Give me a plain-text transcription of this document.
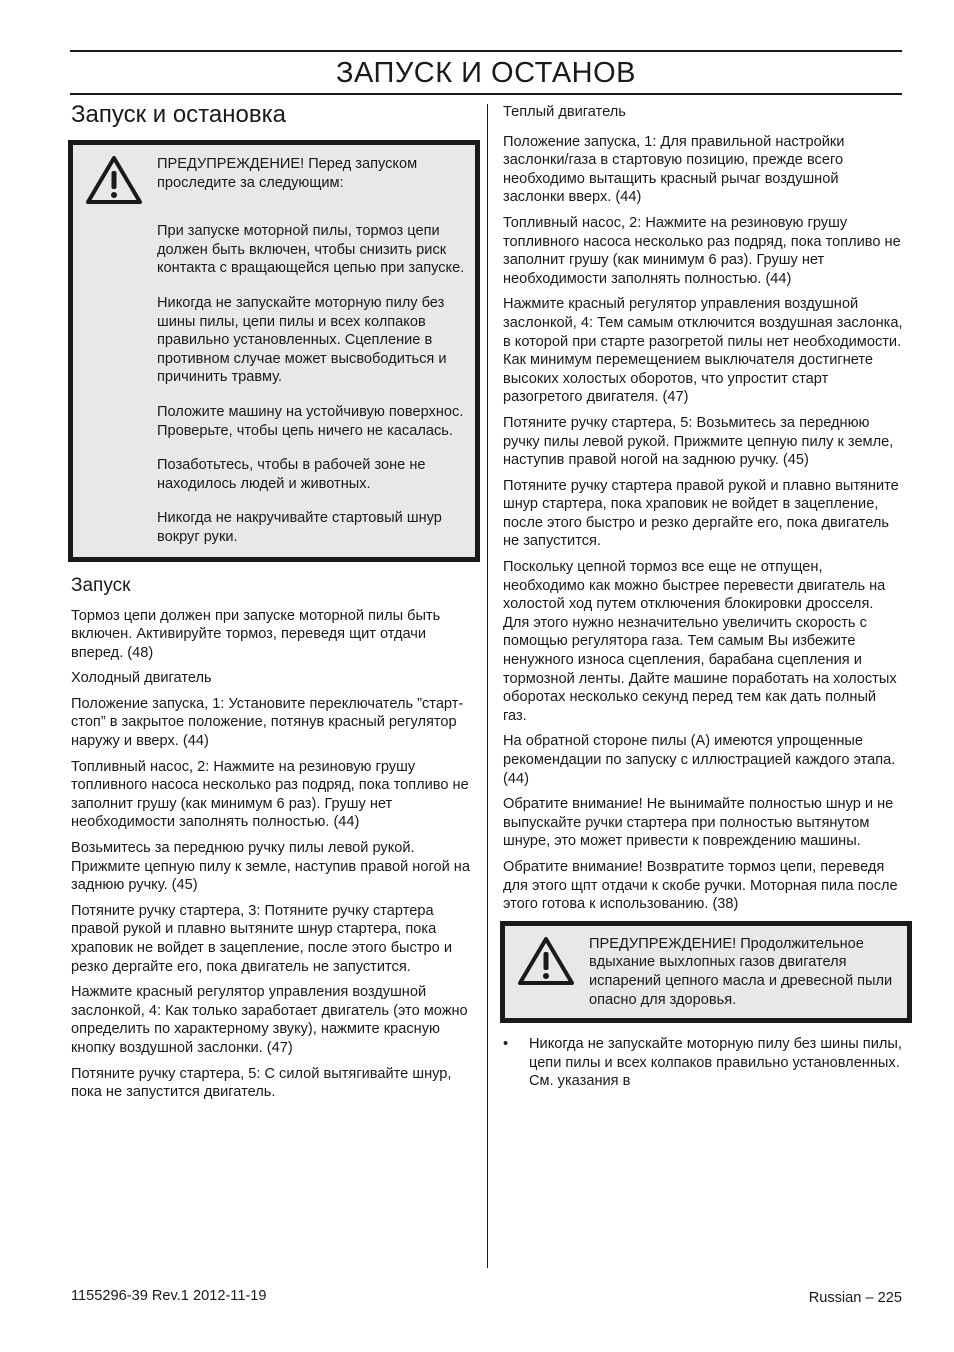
ЗАПУСК И ОСТАНОВ
Запуск и остановка

ПРЕДУПРЕЖДЕНИЕ! Перед запуском проследите за следующим:

При запуске моторной пилы, тормоз цепи должен быть включен, чтобы снизить риск контакта с вращающейся цепью при запуске.

Никогда не запускайте моторную пилу без шины пилы, цепи пилы и всех колпаков правильно установленных. Сцепление в противном случае может высвободиться и причинить травму.

Положите машину на устойчивую поверхнос. Проверьте, чтобы цепь ничего не касалась.

Позаботьтесь, чтобы в рабочей зоне не находилось людей и животных.

Никогда не накручивайте стартовый шнур вокруг руки.

Запуск

Тормоз цепи должен при запуске моторной пилы быть включен. Активируйте тормоз, переведя щит отдачи вперед. (48)

Холодный двигатель

Положение запуска, 1: Установите переключатель ”старт-стоп” в закрытое положение, потянув красный регулятор наружу и вверх. (44)

Топливный насос, 2: Нажмите на резиновую грушу топливного насоса несколько раз подряд, пока топливо не заполнит грушу (как минимум 6 раз). Грушу нет необходимости заполнять полностью. (44)

Возьмитесь за переднюю ручку пилы левой рукой. Прижмите цепную пилу к земле, наступив правой ногой на заднюю ручку. (45)

Потяните ручку стартера, 3: Потяните ручку стартера правой рукой и плавно вытяните шнур стартера, пока храповик не войдет в зацепление, после этого быстро и резко дергайте его, пока двигатель не запустится.

Нажмите красный регулятор управления воздушной заслонкой, 4: Как только заработает двигатель (это можно определить по характерному звуку), нажмите красную кнопку воздушной заслонки. (47)

Потяните ручку стартера, 5: С силой вытягивайте шнур, пока не запустится двигатель.

Теплый двигатель

Положение запуска, 1: Для правильной настройки заслонки/газа в стартовую позицию, прежде всего необходимо вытащить красный рычаг воздушной заслонки вверх. (44)

Топливный насос, 2: Нажмите на резиновую грушу топливного насоса несколько раз подряд, пока топливо не заполнит грушу (как минимум 6 раз). Грушу нет необходимости заполнять полностью. (44)

Нажмите красный регулятор управления воздушной заслонкой, 4: Тем самым отключится воздушная заслонка, в которой при старте разогретой пилы нет необходимости. Как минимум перемещением выключателя достигнете высоких холостых оборотов, что упростит старт разогретого двигателя. (47)

Потяните ручку стартера, 5: Возьмитесь за переднюю ручку пилы левой рукой. Прижмите цепную пилу к земле, наступив правой ногой на заднюю ручку. (45)

Потяните ручку стартера правой рукой и плавно вытяните шнур стартера, пока храповик не войдет в зацепление, после этого быстро и резко дергайте его, пока двигатель не запустится.

Поскольку цепной тормоз все еще не отпущен, необходимо как можно быстрее перевести двигатель на холостой ход путем отключения блокировки дросселя. Для этого нужно незначительно увеличить скорость с помощью регулятора газа. Тем самым Вы избежите ненужного износа сцепления, барабана сцепления и тормозной ленты. Дайте машине поработать на холостых оборотах несколько секунд перед тем как дать полный газ.

На обратной стороне пилы (A) имеются упрощенные рекомендации по запуску с иллюстрацией каждого этапа. (44)

Обратите внимание! Не вынимайте полностью шнур и не выпускайте ручки стартера при полностью вытянутом шнуре, это может привести к повреждению машины.

Обратите внимание! Возвратите тормоз цепи, переведя для этого щпт отдачи к скобе ручки. Моторная пила после этого готова к использованию. (38)

ПРЕДУПРЕЖДЕНИЕ! Продолжительное вдыхание выхлопных газов двигателя испарений цепного масла и древесной пыли опасно для здоровья.

• Никогда не запускайте моторную пилу без шины пилы, цепи пилы и всех колпаков правильно установленных. См. указания в

1155296-39 Rev.1 2012-11-19	Russian – 225
